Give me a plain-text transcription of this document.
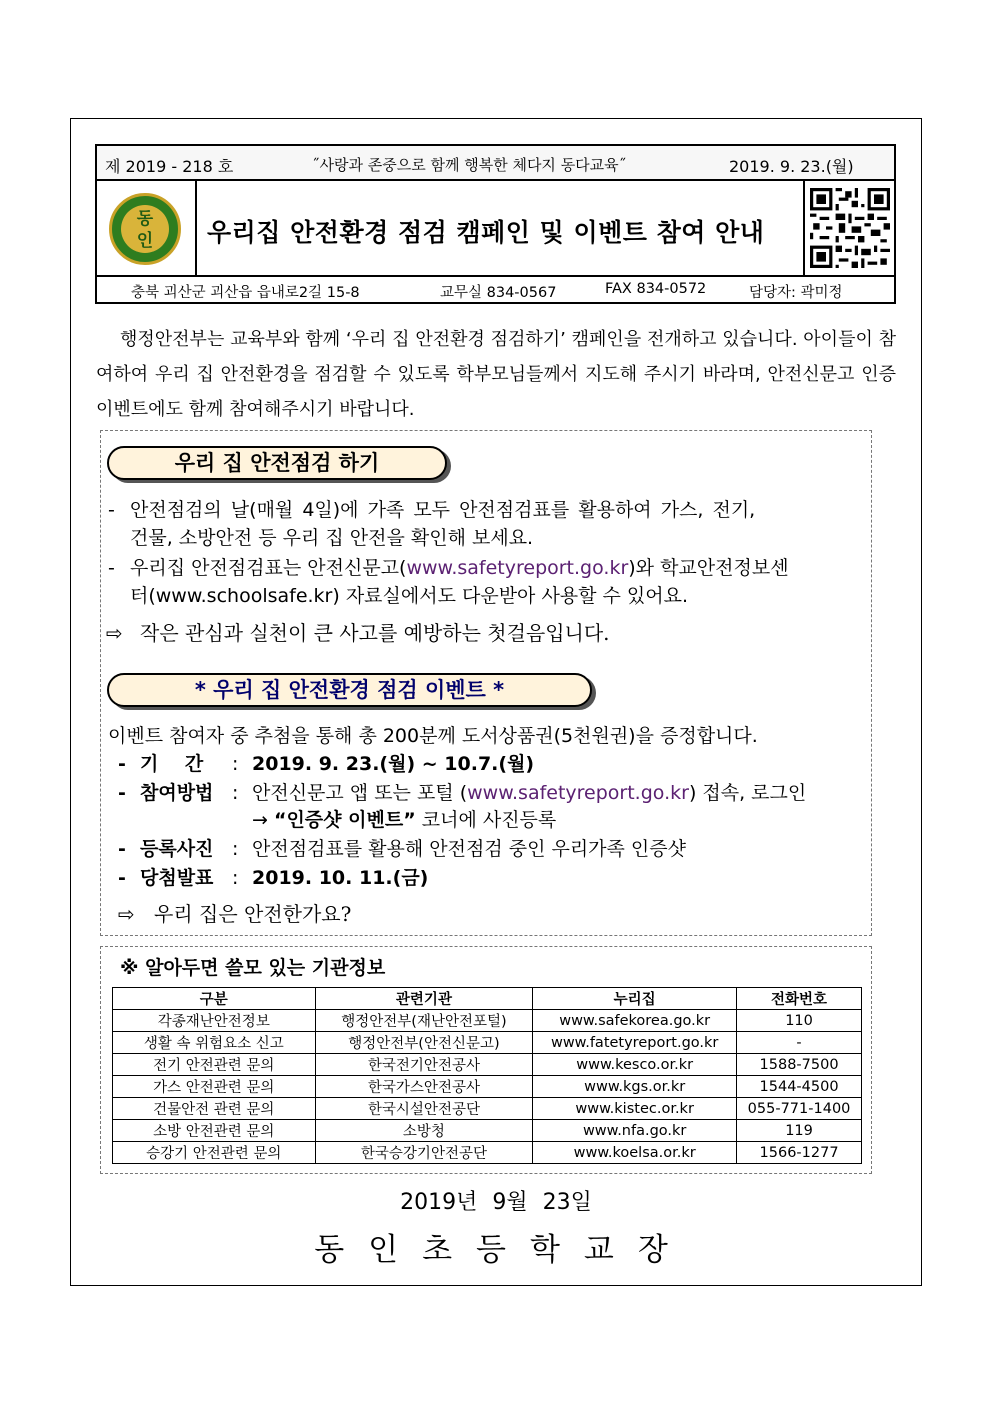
제 2019 - 218 호	˝사랑과 존중으로 함께 행복한 체다지 동다교육˝	2019. 9. 23.(월)
동
인	우리집 안전환경 점검 캠페인 및 이벤트 참여 안내
충북 괴산군 괴산읍 읍내로2길 15-8	교무실 834-0567	FAX 834-0572	담당자: 곽미정

행정안전부는 교육부와 함께 ‘우리 집 안전환경 점검하기’ 캠페인을 전개하고 있습니다. 아이들이 참여하여 우리 집 안전환경을 점검할 수 있도록 학부모님들께서 지도해 주시기 바라며, 안전신문고 인증 이벤트에도 함께 참여해주시기 바랍니다.

우리 집 안전점검 하기
- 안전점검의 날(매월 4일)에 가족 모두 안전점검표를 활용하여 가스, 전기,
건물, 소방안전 등 우리 집 안전을 확인해 보세요.
- 우리집 안전점검표는 안전신문고(www.safetyreport.go.kr)와 학교안전정보센
터(www.schoolsafe.kr) 자료실에서도 다운받아 사용할 수 있어요.
⇨ 작은 관심과 실천이 큰 사고를 예방하는 첫걸음입니다.
* 우리 집 안전환경 점검 이벤트 *
이벤트 참여자 중 추첨을 통해 총 200분께 도서상품권(5천원권)을 증정합니다.
- 기    간 : 2019. 9. 23.(월) ~ 10.7.(월)
- 참여방법 : 안전신문고 앱 또는 포털 (www.safetyreport.go.kr) 접속, 로그인
→ “인증샷 이벤트” 코너에 사진등록
- 등록사진 : 안전점검표를 활용해 안전점검 중인 우리가족 인증샷
- 당첨발표 : 2019. 10. 11.(금)
⇨ 우리 집은 안전한가요?
※ 알아두면 쓸모 있는 기관정보
구분	관련기관	누리집	전화번호
각종재난안전정보	행정안전부(재난안전포털)	www.safekorea.go.kr	110
생활 속 위험요소 신고	행정안전부(안전신문고)	www.fatetyreport.go.kr	-
전기 안전관련 문의	한국전기안전공사	www.kesco.or.kr	1588-7500
가스 안전관련 문의	한국가스안전공사	www.kgs.or.kr	1544-4500
건물안전 관련 문의	한국시설안전공단	www.kistec.or.kr	055-771-1400
소방 안전관련 문의	소방청	www.nfa.go.kr	119
승강기 안전관련 문의	한국승강기안전공단	www.koelsa.or.kr	1566-1277
2019년 9월 23일
동인초등학교장
